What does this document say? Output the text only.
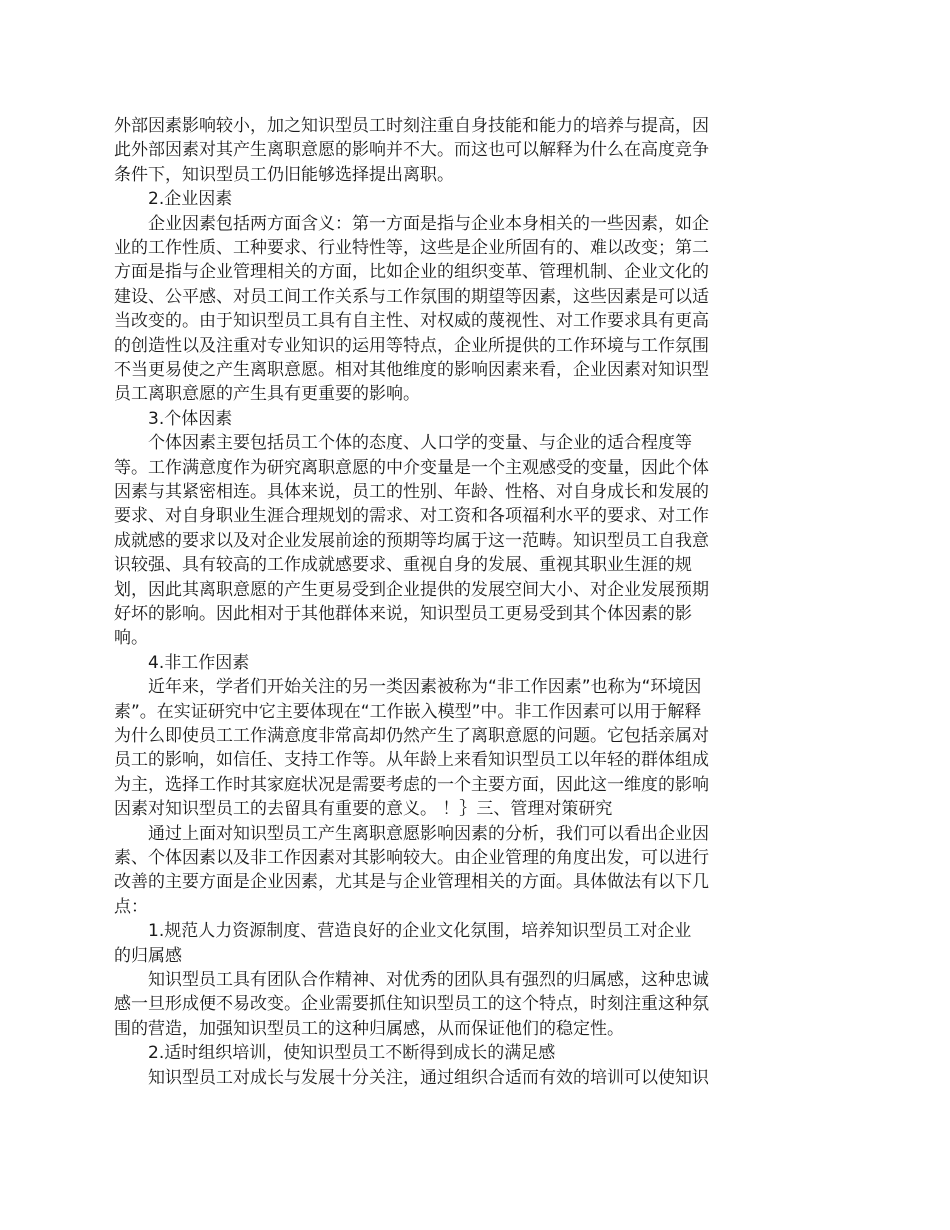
外部因素影响较小，加之知识型员工时刻注重自身技能和能力的培养与提高，因
此外部因素对其产生离职意愿的影响并不大。而这也可以解释为什么在高度竞争
条件下，知识型员工仍旧能够选择提出离职。
2.企业因素
企业因素包括两方面含义：第一方面是指与企业本身相关的一些因素，如企
业的工作性质、工种要求、行业特性等，这些是企业所固有的、难以改变；第二
方面是指与企业管理相关的方面，比如企业的组织变革、管理机制、企业文化的
建设、公平感、对员工间工作关系与工作氛围的期望等因素，这些因素是可以适
当改变的。由于知识型员工具有自主性、对权威的蔑视性、对工作要求具有更高
的创造性以及注重对专业知识的运用等特点，企业所提供的工作环境与工作氛围
不当更易使之产生离职意愿。相对其他维度的影响因素来看，企业因素对知识型
员工离职意愿的产生具有更重要的影响。
3.个体因素
个体因素主要包括员工个体的态度、人口学的变量、与企业的适合程度等
等。工作满意度作为研究离职意愿的中介变量是一个主观感受的变量，因此个体
因素与其紧密相连。具体来说，员工的性别、年龄、性格、对自身成长和发展的
要求、对自身职业生涯合理规划的需求、对工资和各项福利水平的要求、对工作
成就感的要求以及对企业发展前途的预期等均属于这一范畴。知识型员工自我意
识较强、具有较高的工作成就感要求、重视自身的发展、重视其职业生涯的规
划，因此其离职意愿的产生更易受到企业提供的发展空间大小、对企业发展预期
好坏的影响。因此相对于其他群体来说，知识型员工更易受到其个体因素的影
响。
4.非工作因素
近年来，学者们开始关注的另一类因素被称为“非工作因素”也称为“环境因
素”。在实证研究中它主要体现在“工作嵌入模型”中。非工作因素可以用于解释
为什么即使员工工作满意度非常高却仍然产生了离职意愿的问题。它包括亲属对
员工的影响，如信任、支持工作等。从年龄上来看知识型员工以年轻的群体组成
为主，选择工作时其家庭状况是需要考虑的一个主要方面，因此这一维度的影响
因素对知识型员工的去留具有重要的意义。 ！｝三、管理对策研究
通过上面对知识型员工产生离职意愿影响因素的分析，我们可以看出企业因
素、个体因素以及非工作因素对其影响较大。由企业管理的角度出发，可以进行
改善的主要方面是企业因素，尤其是与企业管理相关的方面。具体做法有以下几
点：
1.规范人力资源制度、营造良好的企业文化氛围，培养知识型员工对企业
的归属感
知识型员工具有团队合作精神、对优秀的团队具有强烈的归属感，这种忠诚
感一旦形成便不易改变。企业需要抓住知识型员工的这个特点，时刻注重这种氛
围的营造，加强知识型员工的这种归属感，从而保证他们的稳定性。
2.适时组织培训，使知识型员工不断得到成长的满足感
知识型员工对成长与发展十分关注，通过组织合适而有效的培训可以使知识
